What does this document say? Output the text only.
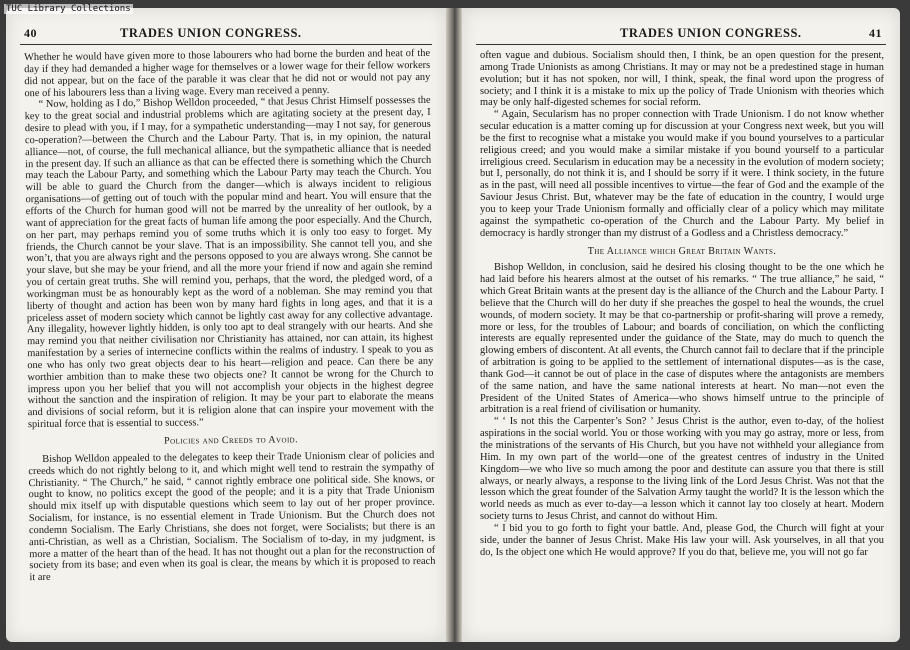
TUC Library Collections
40	TRADES UNION CONGRESS.

Whether he would have given more to those labourers who had borne the burden and heat of the day if they had demanded a higher wage for themselves or a lower wage for their fellow workers did not appear, but on the face of the parable it was clear that he did not or would not pay any one of his labourers less than a living wage. Every man received a penny.

“ Now, holding as I do,” Bishop Welldon proceeded, “ that Jesus Christ Himself possesses the key to the great social and industrial problems which are agitating society at the present day, I desire to plead with you, if I may, for a sympathetic understanding—may I not say, for generous co-operation?—between the Church and the Labour Party. That is, in my opinion, the natural alliance—not, of course, the full mechanical alliance, but the sympathetic alliance that is needed in the present day. If such an alliance as that can be effected there is something which the Church may teach the Labour Party, and something which the Labour Party may teach the Church. You will be able to guard the Church from the danger—which is always incident to religious organisations—of getting out of touch with the popular mind and heart. You will ensure that the efforts of the Church for human good will not be marred by the unreality of her outlook, by a want of appreciation for the great facts of human life among the poor especially. And the Church, on her part, may perhaps remind you of some truths which it is only too easy to forget. My friends, the Church cannot be your slave. That is an impossibility. She cannot tell you, and she won’t, that you are always right and the persons opposed to you are always wrong. She cannot be your slave, but she may be your friend, and all the more your friend if now and again she remind you of certain great truths. She will remind you, perhaps, that the word, the pledged word, of a workingman must be as honourably kept as the word of a nobleman. She may remind you that liberty of thought and action has been won by many hard fights in long ages, and that it is a priceless asset of modern society which cannot be lightly cast away for any collective advantage. Any illegality, however lightly hidden, is only too apt to deal strangely with our hearts. And she may remind you that neither civilisation nor Christianity has attained, nor can attain, its highest manifestation by a series of internecine conflicts within the realms of industry. I speak to you as one who has only two great objects dear to his heart—religion and peace. Can there be any worthier ambition than to make these two objects one? It cannot be wrong for the Church to impress upon you her belief that you will not accomplish your objects in the highest degree without the sanction and the inspiration of religion. It may be your part to elaborate the means and divisions of social reform, but it is religion alone that can inspire your movement with the spiritual force that is essential to success.”

Policies and Creeds to Avoid.

Bishop Welldon appealed to the delegates to keep their Trade Unionism clear of policies and creeds which do not rightly belong to it, and which might well tend to restrain the sympathy of Christianity. “ The Church,” he said, “ cannot rightly embrace one political side. She knows, or ought to know, no politics except the good of the people; and it is a pity that Trade Unionism should mix itself up with disputable questions which seem to lay out of her proper province. Socialism, for instance, is no essential element in Trade Unionism. But the Church does not condemn Socialism. The Early Christians, she does not forget, were Socialists; but there is an anti-Christian, as well as a Christian, Socialism. The Socialism of to-day, in my judgment, is more a matter of the heart than of the head. It has not thought out a plan for the reconstruction of society from its base; and even when its goal is clear, the means by which it is proposed to reach it are

TRADES UNION CONGRESS.	41

often vague and dubious. Socialism should then, I think, be an open question for the present, among Trade Unionists as among Christians. It may or may not be a predestined stage in human evolution; but it has not spoken, nor will, I think, speak, the final word upon the progress of society; and I think it is a mistake to mix up the policy of Trade Unionism with theories which may be only half-digested schemes for social reform.

“ Again, Secularism has no proper connection with Trade Unionism. I do not know whether secular education is a matter coming up for discussion at your Congress next week, but you will be the first to recognise what a mistake you would make if you bound yourselves to a particular religious creed; and you would make a similar mistake if you bound yourself to a particular irreligious creed. Secularism in education may be a necessity in the evolution of modern society; but I, personally, do not think it is, and I should be sorry if it were. I think society, in the future as in the past, will need all possible incentives to virtue—the fear of God and the example of the Saviour Jesus Christ. But, whatever may be the fate of education in the country, I would urge you to keep your Trade Unionism formally and officially clear of a policy which may militate against the sympathetic co-operation of the Church and the Labour Party. My belief in democracy is hardly stronger than my distrust of a Godless and a Christless democracy.”

The Alliance which Great Britain Wants.

Bishop Welldon, in conclusion, said he desired his closing thought to be the one which he had laid before his hearers almost at the outset of his remarks. “ The true alliance,” he said, “ which Great Britain wants at the present day is the alliance of the Church and the Labour Party. I believe that the Church will do her duty if she preaches the gospel to heal the wounds, the cruel wounds, of modern society. It may be that co-partnership or profit-sharing will prove a remedy, more or less, for the troubles of Labour; and boards of conciliation, on which the conflicting interests are equally represented under the guidance of the State, may do much to quench the glowing embers of discontent. At all events, the Church cannot fail to declare that if the principle of arbitration is going to be applied to the settlement of international disputes—as is the case, thank God—it cannot be out of place in the case of disputes where the antagonists are members of the same nation, and have the same national interests at heart. No man—not even the President of the United States of America—who shows himself untrue to the principle of arbitration is a real friend of civilisation or humanity.

“ ‘ Is not this the Carpenter’s Son? ’ Jesus Christ is the author, even to-day, of the holiest aspirations in the social world. You or those working with you may go astray, more or less, from the ministrations of the servants of His Church, but you have not withheld your allegiance from Him. In my own part of the world—one of the greatest centres of industry in the United Kingdom—we who live so much among the poor and destitute can assure you that there is still always, or nearly always, a response to the living link of the Lord Jesus Christ. Was not that the lesson which the great founder of the Salvation Army taught the world? It is the lesson which the world needs as much as ever to-day—a lesson which it cannot lay too closely at heart. Modern society turns to Jesus Christ, and cannot do without Him.

“ I bid you to go forth to fight your battle. And, please God, the Church will fight at your side, under the banner of Jesus Christ. Make His law your will. Ask yourselves, in all that you do, Is the object one which He would approve? If you do that, believe me, you will not go far
